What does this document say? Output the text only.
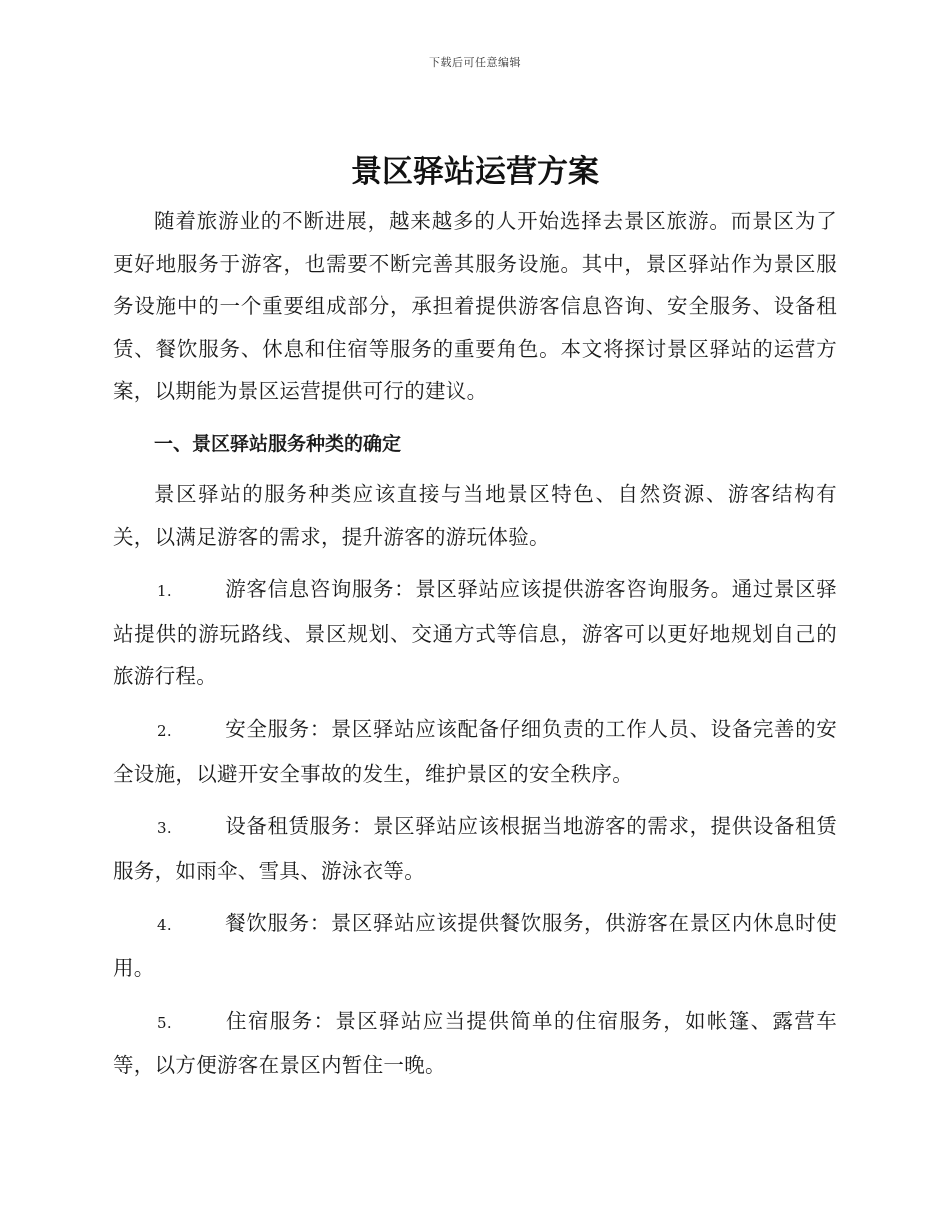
下载后可任意编辑
景区驿站运营方案

随着旅游业的不断进展，越来越多的人开始选择去景区旅游。而景区为了更好地服务于游客，也需要不断完善其服务设施。其中，景区驿站作为景区服务设施中的一个重要组成部分，承担着提供游客信息咨询、安全服务、设备租赁、餐饮服务、休息和住宿等服务的重要角色。本文将探讨景区驿站的运营方案，以期能为景区运营提供可行的建议。

一、景区驿站服务种类的确定

景区驿站的服务种类应该直接与当地景区特色、自然资源、游客结构有关，以满足游客的需求，提升游客的游玩体验。

1.	游客信息咨询服务：景区驿站应该提供游客咨询服务。通过景区驿站提供的游玩路线、景区规划、交通方式等信息，游客可以更好地规划自己的旅游行程。

2.	安全服务：景区驿站应该配备仔细负责的工作人员、设备完善的安全设施，以避开安全事故的发生，维护景区的安全秩序。

3.	设备租赁服务：景区驿站应该根据当地游客的需求，提供设备租赁服务，如雨伞、雪具、游泳衣等。

4.	餐饮服务：景区驿站应该提供餐饮服务，供游客在景区内休息时使用。

5.	住宿服务：景区驿站应当提供简单的住宿服务，如帐篷、露营车等，以方便游客在景区内暂住一晚。
